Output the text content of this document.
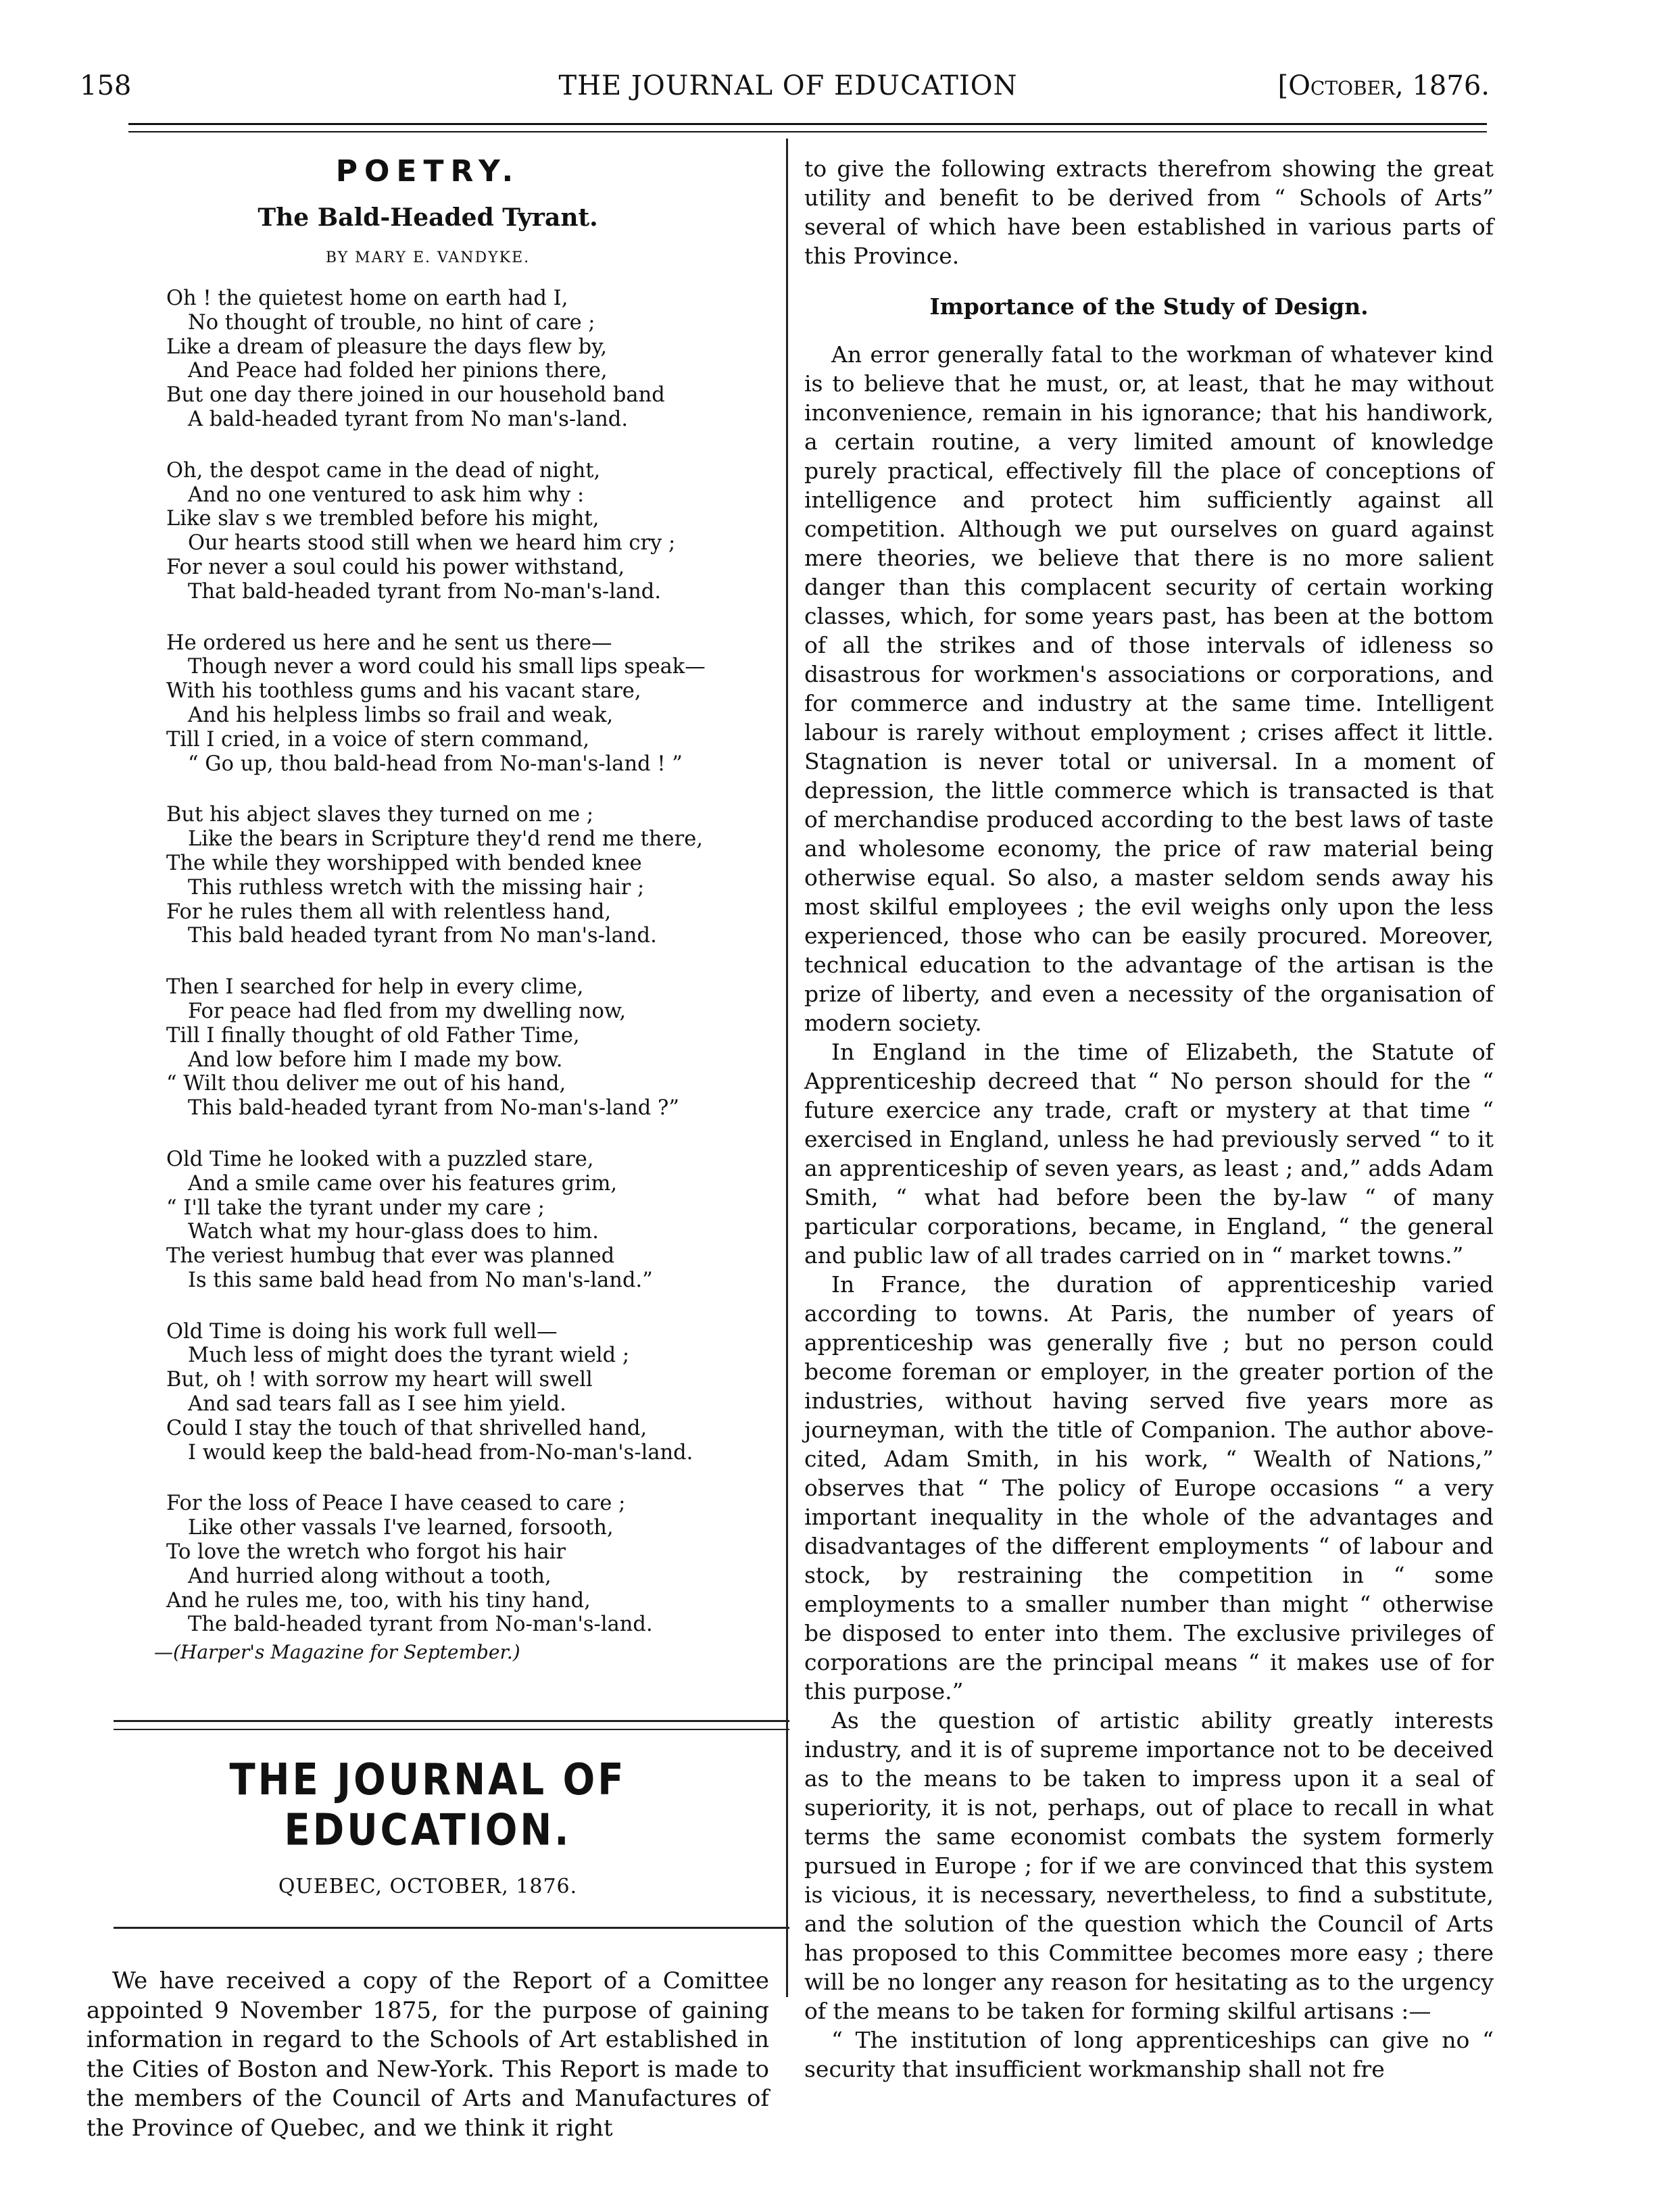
158	THE JOURNAL OF EDUCATION	[October, 1876.
POETRY.
The Bald-Headed Tyrant.
BY MARY E. VANDYKE.
Oh ! the quietest home on earth had I,
No thought of trouble, no hint of care ;
Like a dream of pleasure the days flew by,
And Peace had folded her pinions there,
But one day there joined in our household band
A bald-headed tyrant from No man's-land.
Oh, the despot came in the dead of night,
And no one ventured to ask him why :
Like slav s we trembled before his might,
Our hearts stood still when we heard him cry ;
For never a soul could his power withstand,
That bald-headed tyrant from No-man's-land.
He ordered us here and he sent us there—
Though never a word could his small lips speak—
With his toothless gums and his vacant stare,
And his helpless limbs so frail and weak,
Till I cried, in a voice of stern command,
“ Go up, thou bald-head from No-man's-land ! ”
But his abject slaves they turned on me ;
Like the bears in Scripture they'd rend me there,
The while they worshipped with bended knee
This ruthless wretch with the missing hair ;
For he rules them all with relentless hand,
This bald headed tyrant from No man's-land.
Then I searched for help in every clime,
For peace had fled from my dwelling now,
Till I finally thought of old Father Time,
And low before him I made my bow.
“ Wilt thou deliver me out of his hand,
This bald-headed tyrant from No-man's-land ?”
Old Time he looked with a puzzled stare,
And a smile came over his features grim,
“ I'll take the tyrant under my care ;
Watch what my hour-glass does to him.
The veriest humbug that ever was planned
Is this same bald head from No man's-land.”
Old Time is doing his work full well—
Much less of might does the tyrant wield ;
But, oh ! with sorrow my heart will swell
And sad tears fall as I see him yield.
Could I stay the touch of that shrivelled hand,
I would keep the bald-head from-No-man's-land.
For the loss of Peace I have ceased to care ;
Like other vassals I've learned, forsooth,
To love the wretch who forgot his hair
And hurried along without a tooth,
And he rules me, too, with his tiny hand,
The bald-headed tyrant from No-man's-land.
—(Harper's Magazine for September.)
THE JOURNAL OF EDUCATION.
QUEBEC, OCTOBER, 1876.

We have received a copy of the Report of a Comittee appointed 9 November 1875, for the purpose of gaining information in regard to the Schools of Art established in the Cities of Boston and New-York. This Report is made to the members of the Council of Arts and Manufactures of the Province of Quebec, and we think it right

to give the following extracts therefrom showing the great utility and benefit to be derived from “ Schools of Arts” several of which have been established in various parts of this Province.

Importance of the Study of Design.

An error generally fatal to the workman of whatever kind is to believe that he must, or, at least, that he may without inconvenience, remain in his ignorance; that his handiwork, a certain routine, a very limited amount of knowledge purely practical, effectively fill the place of conceptions of intelligence and protect him sufficiently against all competition. Although we put ourselves on guard against mere theories, we believe that there is no more salient danger than this complacent security of certain working classes, which, for some years past, has been at the bottom of all the strikes and of those intervals of idleness so disastrous for workmen's associations or corporations, and for commerce and industry at the same time. Intelligent labour is rarely without employment ; crises affect it little. Stagnation is never total or universal. In a moment of depression, the little commerce which is transacted is that of merchandise produced according to the best laws of taste and wholesome economy, the price of raw material being otherwise equal. So also, a master seldom sends away his most skilful employees ; the evil weighs only upon the less experienced, those who can be easily procured. Moreover, technical education to the advantage of the artisan is the prize of liberty, and even a necessity of the organisation of modern society.

In England in the time of Elizabeth, the Statute of Apprenticeship decreed that “ No person should for the “ future exercice any trade, craft or mystery at that time “ exercised in England, unless he had previously served “ to it an apprenticeship of seven years, as least ; and,” adds Adam Smith, “ what had before been the by-law “ of many particular corporations, became, in England, “ the general and public law of all trades carried on in “ market towns.”

In France, the duration of apprenticeship varied according to towns. At Paris, the number of years of apprenticeship was generally five ; but no person could become foreman or employer, in the greater portion of the industries, without having served five years more as journeyman, with the title of Companion. The author above-cited, Adam Smith, in his work, “ Wealth of Nations,” observes that “ The policy of Europe occasions “ a very important inequality in the whole of the advantages and disadvantages of the different employments “ of labour and stock, by restraining the competition in “ some employments to a smaller number than might “ otherwise be disposed to enter into them. The exclusive privileges of corporations are the principal means “ it makes use of for this purpose.”

As the question of artistic ability greatly interests industry, and it is of supreme importance not to be deceived as to the means to be taken to impress upon it a seal of superiority, it is not, perhaps, out of place to recall in what terms the same economist combats the system formerly pursued in Europe ; for if we are convinced that this system is vicious, it is necessary, nevertheless, to find a substitute, and the solution of the question which the Council of Arts has proposed to this Committee becomes more easy ; there will be no longer any reason for hesitating as to the urgency of the means to be taken for forming skilful artisans :—

“ The institution of long apprenticeships can give no “ security that insufficient workmanship shall not fre
